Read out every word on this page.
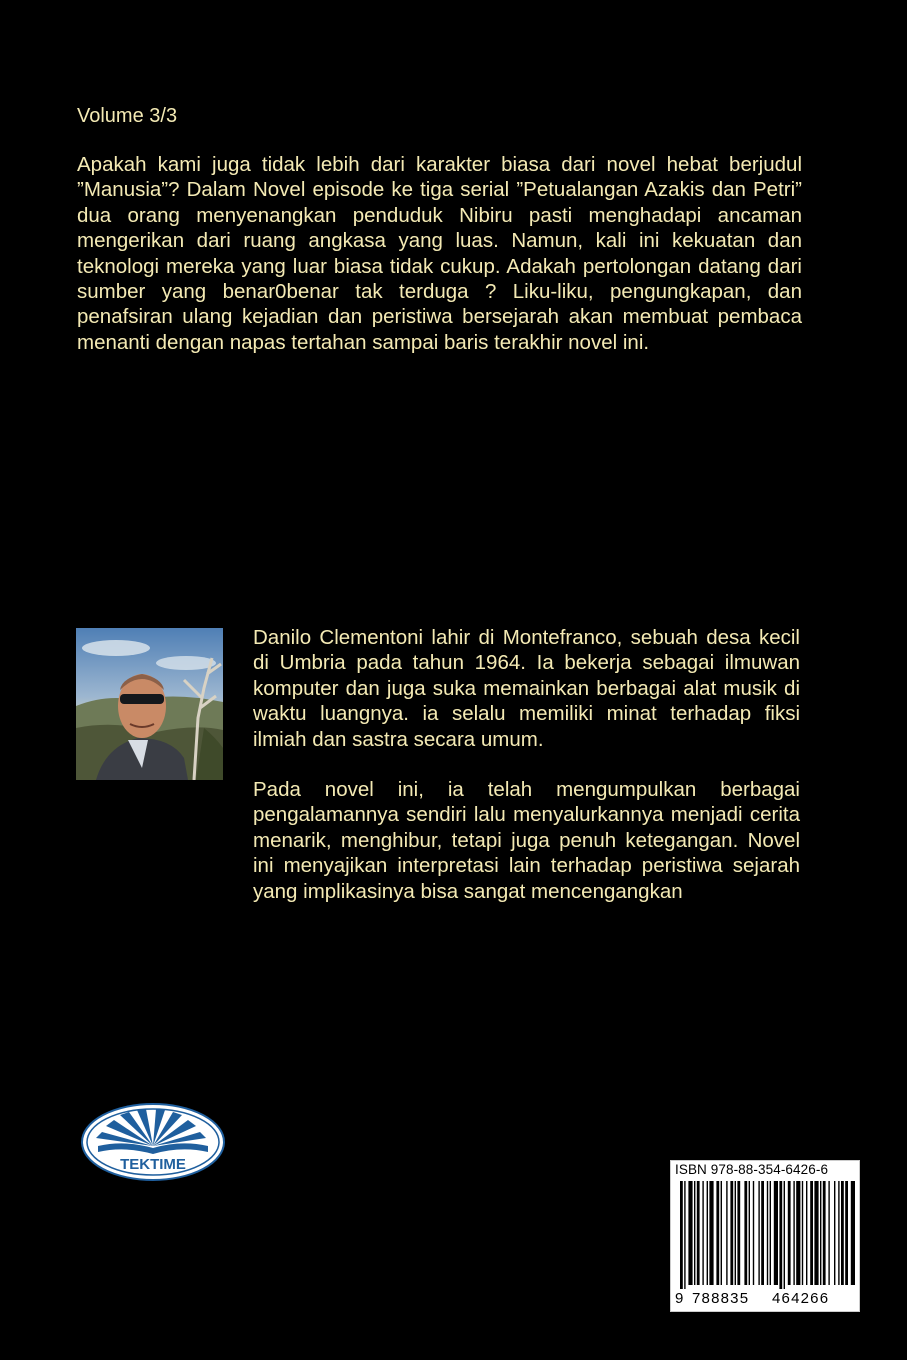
Volume 3/3
Apakah kami juga tidak lebih dari karakter biasa dari novel hebat berjudul ”Manusia”? Dalam Novel episode ke tiga serial ”Petualangan Azakis dan Petri” dua orang menyenangkan penduduk Nibiru pasti menghadapi ancaman mengerikan dari ruang angkasa yang luas. Namun, kali ini kekuatan dan teknologi mereka yang luar biasa tidak cukup. Adakah pertolongan datang dari sumber yang benar0benar tak terduga ? Liku-liku, pengungkapan, dan penafsiran ulang kejadian dan peristiwa bersejarah akan membuat pembaca menanti dengan napas tertahan sampai baris terakhir novel ini.

Danilo Clementoni lahir di Montefranco, sebuah desa kecil di Umbria pada tahun 1964. Ia bekerja sebagai ilmuwan komputer dan juga suka memainkan berbagai alat musik di waktu luangnya. ia selalu memiliki minat terhadap fiksi ilmiah dan sastra secara umum.

Pada novel ini, ia telah mengumpulkan berbagai pengalamannya sendiri lalu menyalurkannya menjadi cerita menarik, menghibur, tetapi juga penuh ketegangan. Novel ini menyajikan interpretasi lain terhadap peristiwa sejarah yang implikasinya bisa sangat mencengangkan

TEKTIME	ISBN 978-88-354-6426-6
9 788835 464266
